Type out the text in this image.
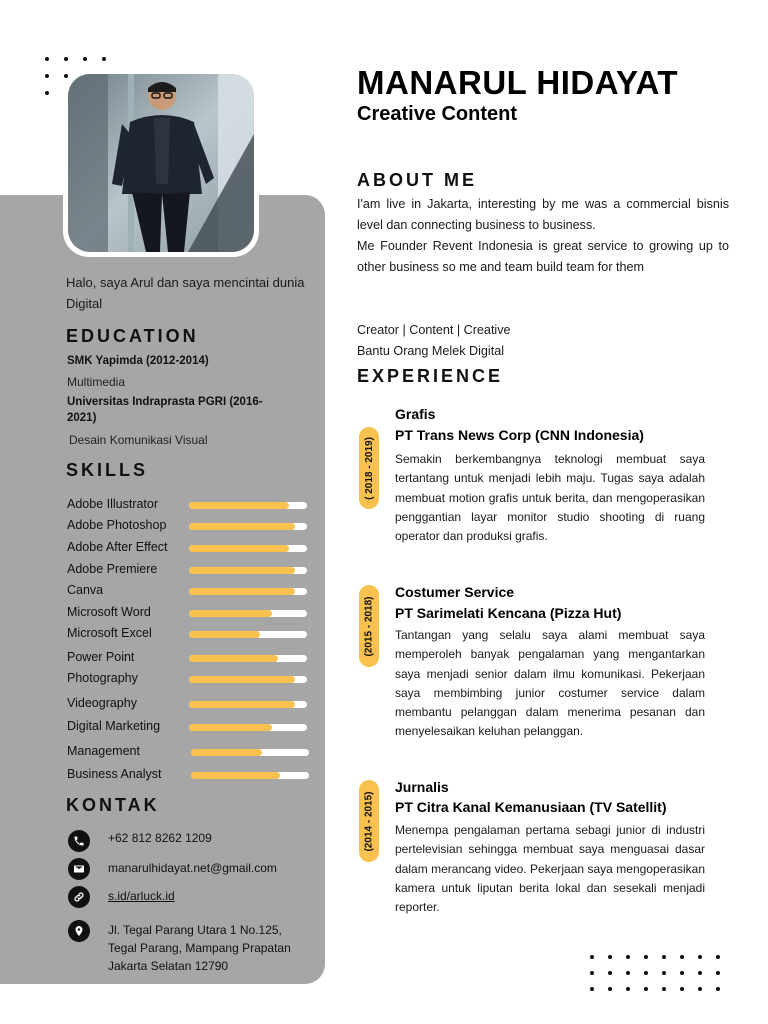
Halo, saya Arul dan saya mencintai dunia Digital
EDUCATION
SMK Yapimda (2012-2014)
Multimedia
Universitas Indraprasta PGRI (2016-2021)
Desain Komunikasi Visual
SKILLS
Adobe Illustrator
Adobe Photoshop
Adobe After Effect
Adobe Premiere
Canva
Microsoft Word
Microsoft Excel
Power Point
Photography
Videography
Digital Marketing
Management
Business Analyst
KONTAK
+62 812 8262 1209
manarulhidayat.net@gmail.com
s.id/arluck.id
Jl. Tegal Parang Utara 1 No.125,
Tegal Parang, Mampang Prapatan
Jakarta Selatan 12790
MANARUL HIDAYAT
Creative Content
ABOUT ME
I'am live in Jakarta, interesting by me was a commercial bisnis level dan connecting business to business.
Me Founder Revent Indonesia is great service to growing up to other business so me and team build team for them
Creator | Content | Creative
Bantu Orang Melek Digital
EXPERIENCE
( 2018 - 2019)
Grafis
PT Trans News Corp (CNN Indonesia)
Semakin berkembangnya teknologi membuat saya tertantang untuk menjadi lebih maju. Tugas saya adalah membuat motion grafis untuk berita, dan mengoperasikan penggantian layar monitor studio shooting di ruang operator dan produksi grafis.
(2015 - 2018)
Costumer Service
PT Sarimelati Kencana (Pizza Hut)
Tantangan yang selalu saya alami membuat saya memperoleh banyak pengalaman yang mengantarkan saya menjadi senior dalam ilmu komunikasi. Pekerjaan saya membimbing junior costumer service dalam membantu pelanggan dalam menerima pesanan dan menyelesaikan keluhan pelanggan.
(2014 - 2015)
Jurnalis
PT Citra Kanal Kemanusiaan (TV Satellit)
Menempa pengalaman pertama sebagi junior di industri pertelevisian sehingga membuat saya menguasai dasar dalam merancang video. Pekerjaan saya mengoperasikan kamera untuk liputan berita lokal dan sesekali menjadi reporter.
